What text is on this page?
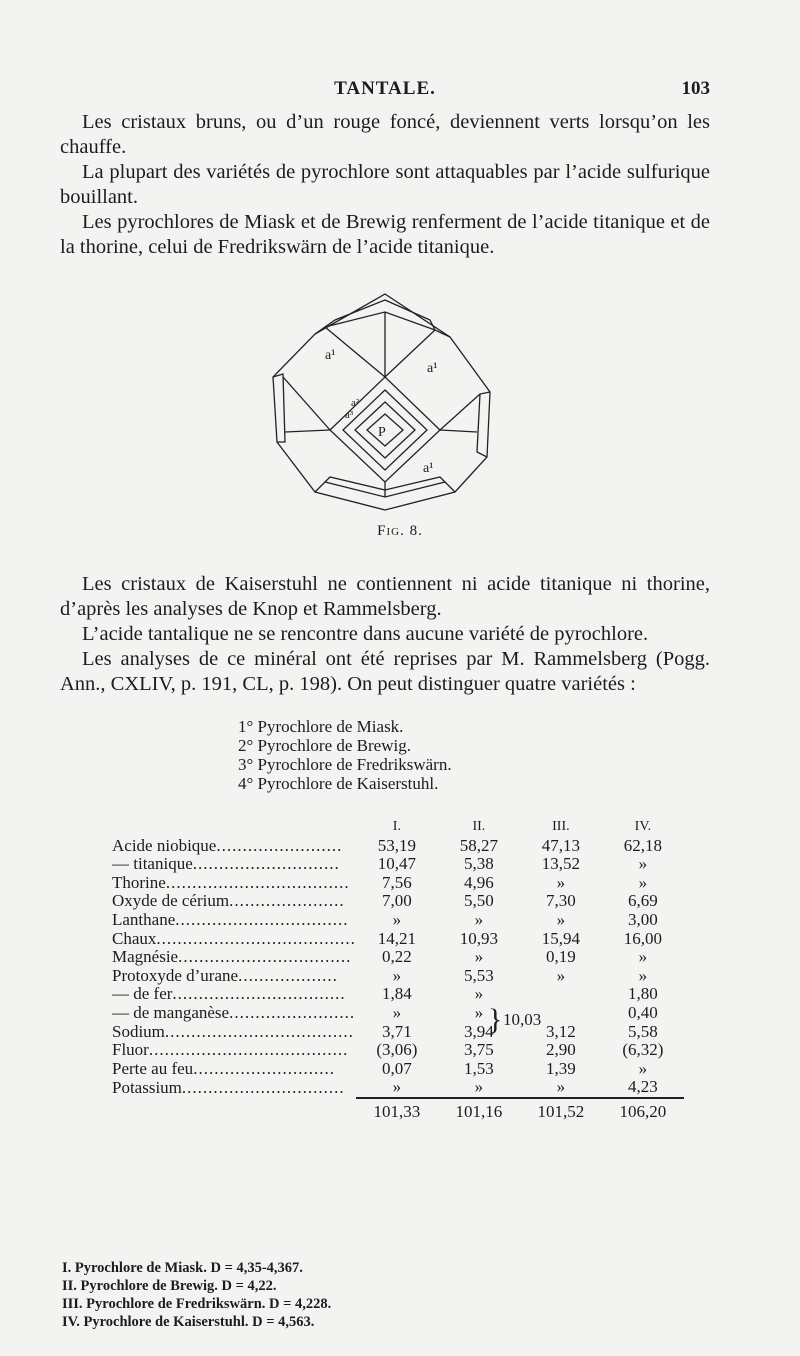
TANTALE.	103

Les cristaux bruns, ou d’un rouge foncé, deviennent verts lorsqu’on les chauffe.

La plupart des variétés de pyrochlore sont attaquables par l’acide sulfurique bouillant.

Les pyrochlores de Miask et de Brewig renferment de l’acide titanique et de la thorine, celui de Fredrikswärn de l’acide titanique.

P
a¹
a¹
a¹
a²
a³
Fig. 8.

Les cristaux de Kaiserstuhl ne contiennent ni acide titanique ni thorine, d’après les analyses de Knop et Rammelsberg.

L’acide tantalique ne se rencontre dans aucune variété de pyrochlore.

Les analyses de ce minéral ont été reprises par M. Rammelsberg (Pogg. Ann., CXLIV, p. 191, CL, p. 198). On peut distinguer quatre variétés :

1° Pyrochlore de Miask.
2° Pyrochlore de Brewig.
3° Pyrochlore de Fredrikswärn.
4° Pyrochlore de Kaiserstuhl.
	I.	II.	III.	IV.
Acide niobique........................	53,19	58,27	47,13	62,18
— titanique............................	10,47	5,38	13,52	»
Thorine...................................	7,56	4,96	»	»
Oxyde de cérium......................	7,00	5,50	7,30	6,69
Lanthane.................................	»	»	»	3,00
Chaux......................................	14,21	10,93	15,94	16,00
Magnésie.................................	0,22	»	0,19	»
Protoxyde d’urane...................	»	5,53	»	»
— de fer.................................	1,84	»		1,80
— de manganèse........................	»	»		0,40
Sodium....................................	3,71	3,94	3,12	5,58
Fluor......................................	(3,06)	3,75	2,90	(6,32)
Perte au feu...........................	0,07	1,53	1,39	»
Potassium...............................	»	»	»	4,23
	101,33	101,16	101,52	106,20
} 10,03
I. Pyrochlore de Miask. D = 4,35-4,367.
II. Pyrochlore de Brewig. D = 4,22.
III. Pyrochlore de Fredrikswärn. D = 4,228.
IV. Pyrochlore de Kaiserstuhl. D = 4,563.
